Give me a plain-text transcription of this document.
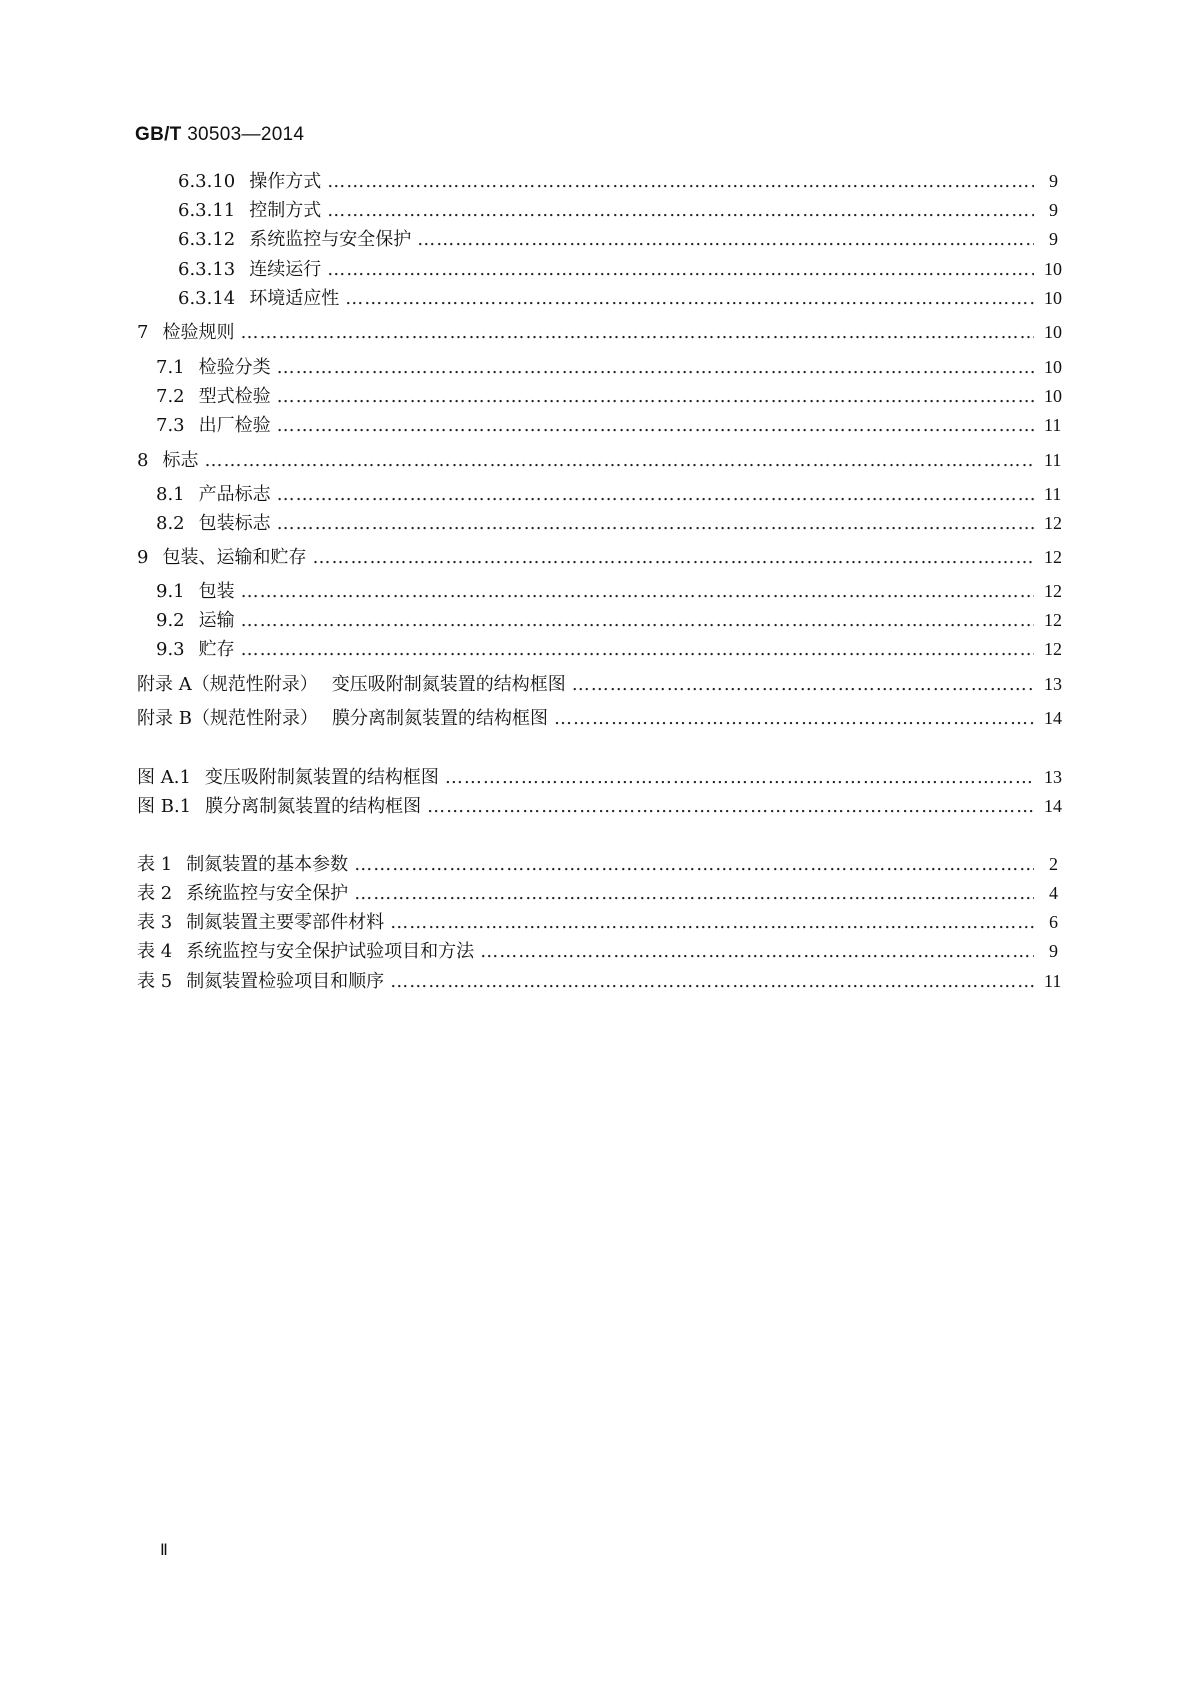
GB/T 30503—2014
6.3.10 操作方式 ………………………………………………………………………………………………………………………………………………………………………………………………………………………………	9
6.3.11 控制方式 ………………………………………………………………………………………………………………………………………………………………………………………………………………………………	9
6.3.12 系统监控与安全保护 ………………………………………………………………………………………………………………………………………………………………………………………………………………………………	9
6.3.13 连续运行 ………………………………………………………………………………………………………………………………………………………………………………………………………………………………	10
6.3.14 环境适应性 ………………………………………………………………………………………………………………………………………………………………………………………………………………………………	10
7 检验规则 ………………………………………………………………………………………………………………………………………………………………………………………………………………………………	10
7.1 检验分类 ………………………………………………………………………………………………………………………………………………………………………………………………………………………………	10
7.2 型式检验 ………………………………………………………………………………………………………………………………………………………………………………………………………………………………	10
7.3 出厂检验 ………………………………………………………………………………………………………………………………………………………………………………………………………………………………	11
8 标志 ………………………………………………………………………………………………………………………………………………………………………………………………………………………………	11
8.1 产品标志 ………………………………………………………………………………………………………………………………………………………………………………………………………………………………	11
8.2 包装标志 ………………………………………………………………………………………………………………………………………………………………………………………………………………………………	12
9 包装、运输和贮存 ………………………………………………………………………………………………………………………………………………………………………………………………………………………………	12
9.1 包装 ………………………………………………………………………………………………………………………………………………………………………………………………………………………………	12
9.2 运输 ………………………………………………………………………………………………………………………………………………………………………………………………………………………………	12
9.3 贮存 ………………………………………………………………………………………………………………………………………………………………………………………………………………………………	12
附录 A（规范性附录） 变压吸附制氮装置的结构框图 ………………………………………………………………………………………………………………………………………………………………………………………………………………………………	13
附录 B（规范性附录） 膜分离制氮装置的结构框图 ………………………………………………………………………………………………………………………………………………………………………………………………………………………………	14
图 A.1 变压吸附制氮装置的结构框图 ………………………………………………………………………………………………………………………………………………………………………………………………………………………………	13
图 B.1 膜分离制氮装置的结构框图 ………………………………………………………………………………………………………………………………………………………………………………………………………………………………	14
表 1 制氮装置的基本参数 ………………………………………………………………………………………………………………………………………………………………………………………………………………………………	2
表 2 系统监控与安全保护 ………………………………………………………………………………………………………………………………………………………………………………………………………………………………	4
表 3 制氮装置主要零部件材料 ………………………………………………………………………………………………………………………………………………………………………………………………………………………………	6
表 4 系统监控与安全保护试验项目和方法 ………………………………………………………………………………………………………………………………………………………………………………………………………………………………	9
表 5 制氮装置检验项目和顺序 ………………………………………………………………………………………………………………………………………………………………………………………………………………………………	11
Ⅱ
